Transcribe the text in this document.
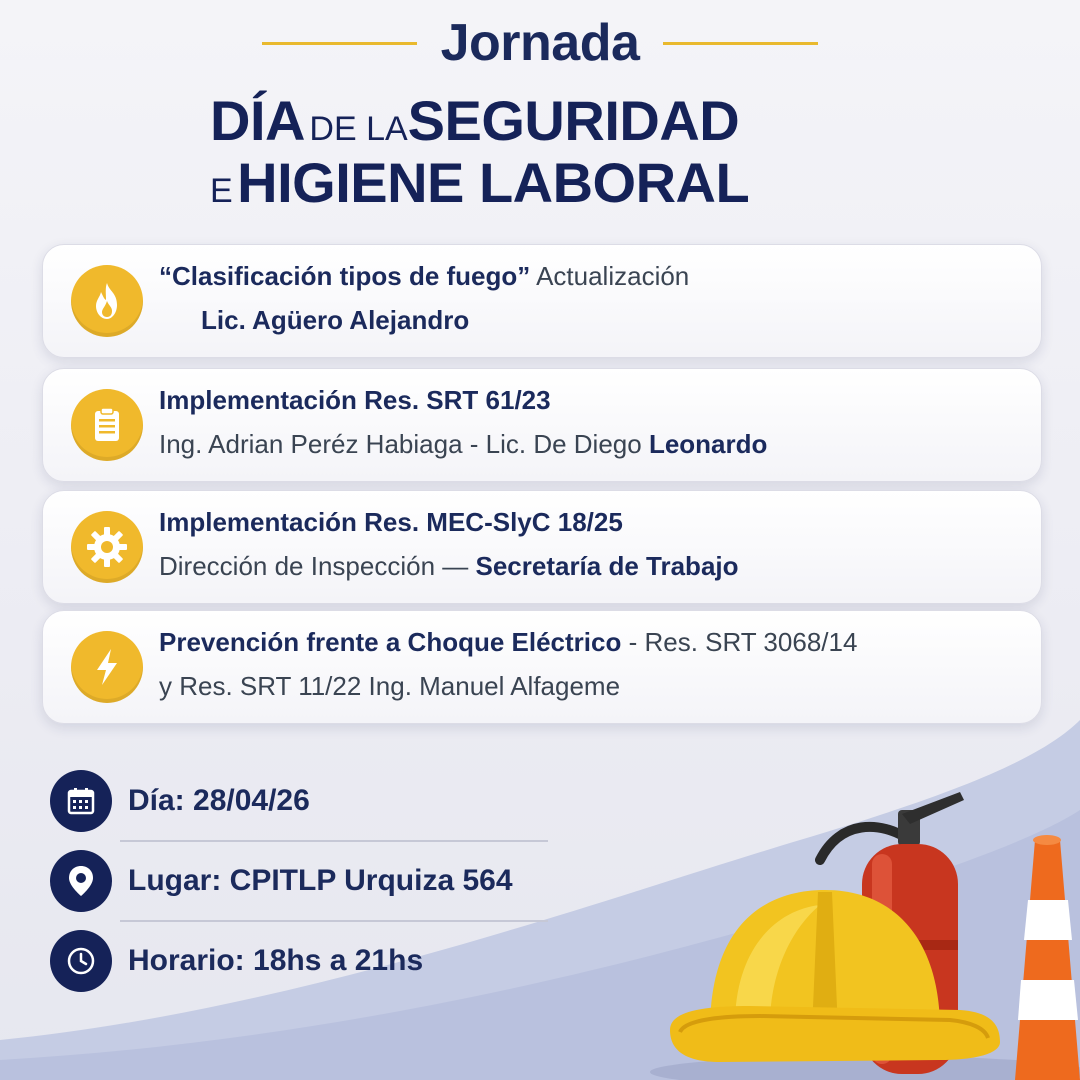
Jornada
DÍA DE LASEGURIDAD
E HIGIENE LABORAL
“Clasificación tipos de fuego” Actualización
Lic. Agüero Alejandro
Implementación Res. SRT 61/23
Ing. Adrian Peréz Habiaga - Lic. De Diego Leonardo
Implementación Res. MEC-SlyC 18/25
Dirección de Inspección — Secretaría de Trabajo
Prevención frente a Choque Eléctrico - Res. SRT 3068/14
y Res. SRT 11/22 Ing. Manuel Alfageme
Día: 28/04/26
Lugar: CPITLP Urquiza 564
Horario: 18hs a 21hs
